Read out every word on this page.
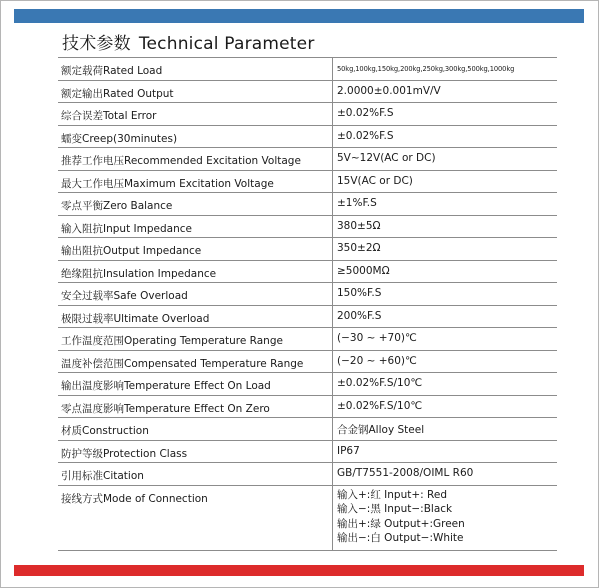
技术参数 Technical Parameter
额定载荷Rated Load	50kg,100kg,150kg,200kg,250kg,300kg,500kg,1000kg
额定输出Rated Output	2.0000±0.001mV/V
综合误差Total Error	±0.02%F.S
蠕变Creep(30minutes)	±0.02%F.S
推荐工作电压Recommended Excitation Voltage	5V~12V(AC or DC)
最大工作电压Maximum Excitation Voltage	15V(AC or DC)
零点平衡Zero Balance	±1%F.S
输入阻抗Input Impedance	380±5Ω
输出阻抗Output Impedance	350±2Ω
绝缘阻抗Insulation Impedance	≥5000MΩ
安全过载率Safe Overload	150%F.S
极限过载率Ultimate Overload	200%F.S
工作温度范围Operating Temperature Range	(−30 ~ +70)℃
温度补偿范围Compensated Temperature Range	(−20 ~ +60)℃
输出温度影响Temperature Effect On Load	±0.02%F.S/10℃
零点温度影响Temperature Effect On Zero	±0.02%F.S/10℃
材质Construction	合金钢Alloy Steel
防护等级Protection Class	IP67
引用标准Citation	GB/T7551-2008/OIML R60
接线方式Mode of Connection	输入+:红 Input+: Red
输入−:黑 Input−:Black
输出+:绿 Output+:Green
输出−:白 Output−:White
